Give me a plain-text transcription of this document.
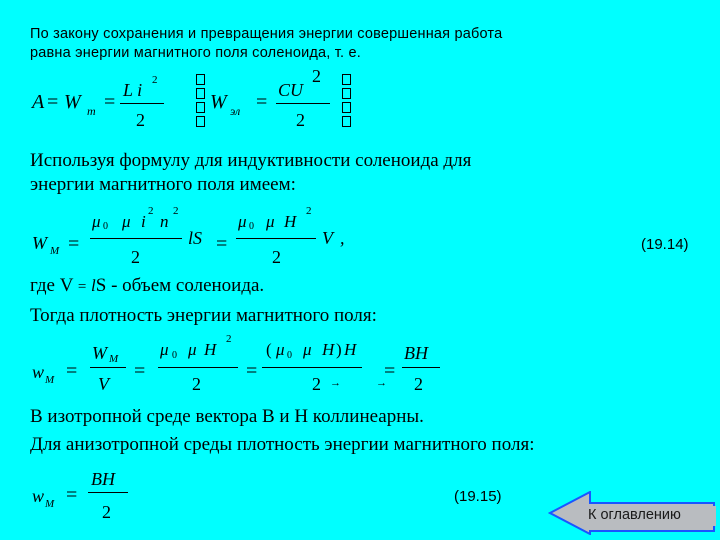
По закону сохранения и превращения энергии совершенная работа
равна энергии магнитного поля соленоида, т. е.
A = W m =
L i 2
2
W эл =
CU
2
2
Используя формулу для индуктивности соленоида для
энергии магнитного поля имеем:
W M =
μ 0 μ i
2
n
2
2
lS =
μ 0 μ H
2
2
V ,	(19.14)
где V = lS - объем соленоида.
Тогда плотность энергии магнитного поля:
w M =
W M
V
=
μ 0 μ H
2
2
=
( μ 0 μ H ) H
2 →	→
=
BH
2
В изотропной среде вектора B и H коллинеарны.
Для анизотропной среды плотность энергии магнитного поля:
w M =
BH
2
(19.15)
К оглавлению
